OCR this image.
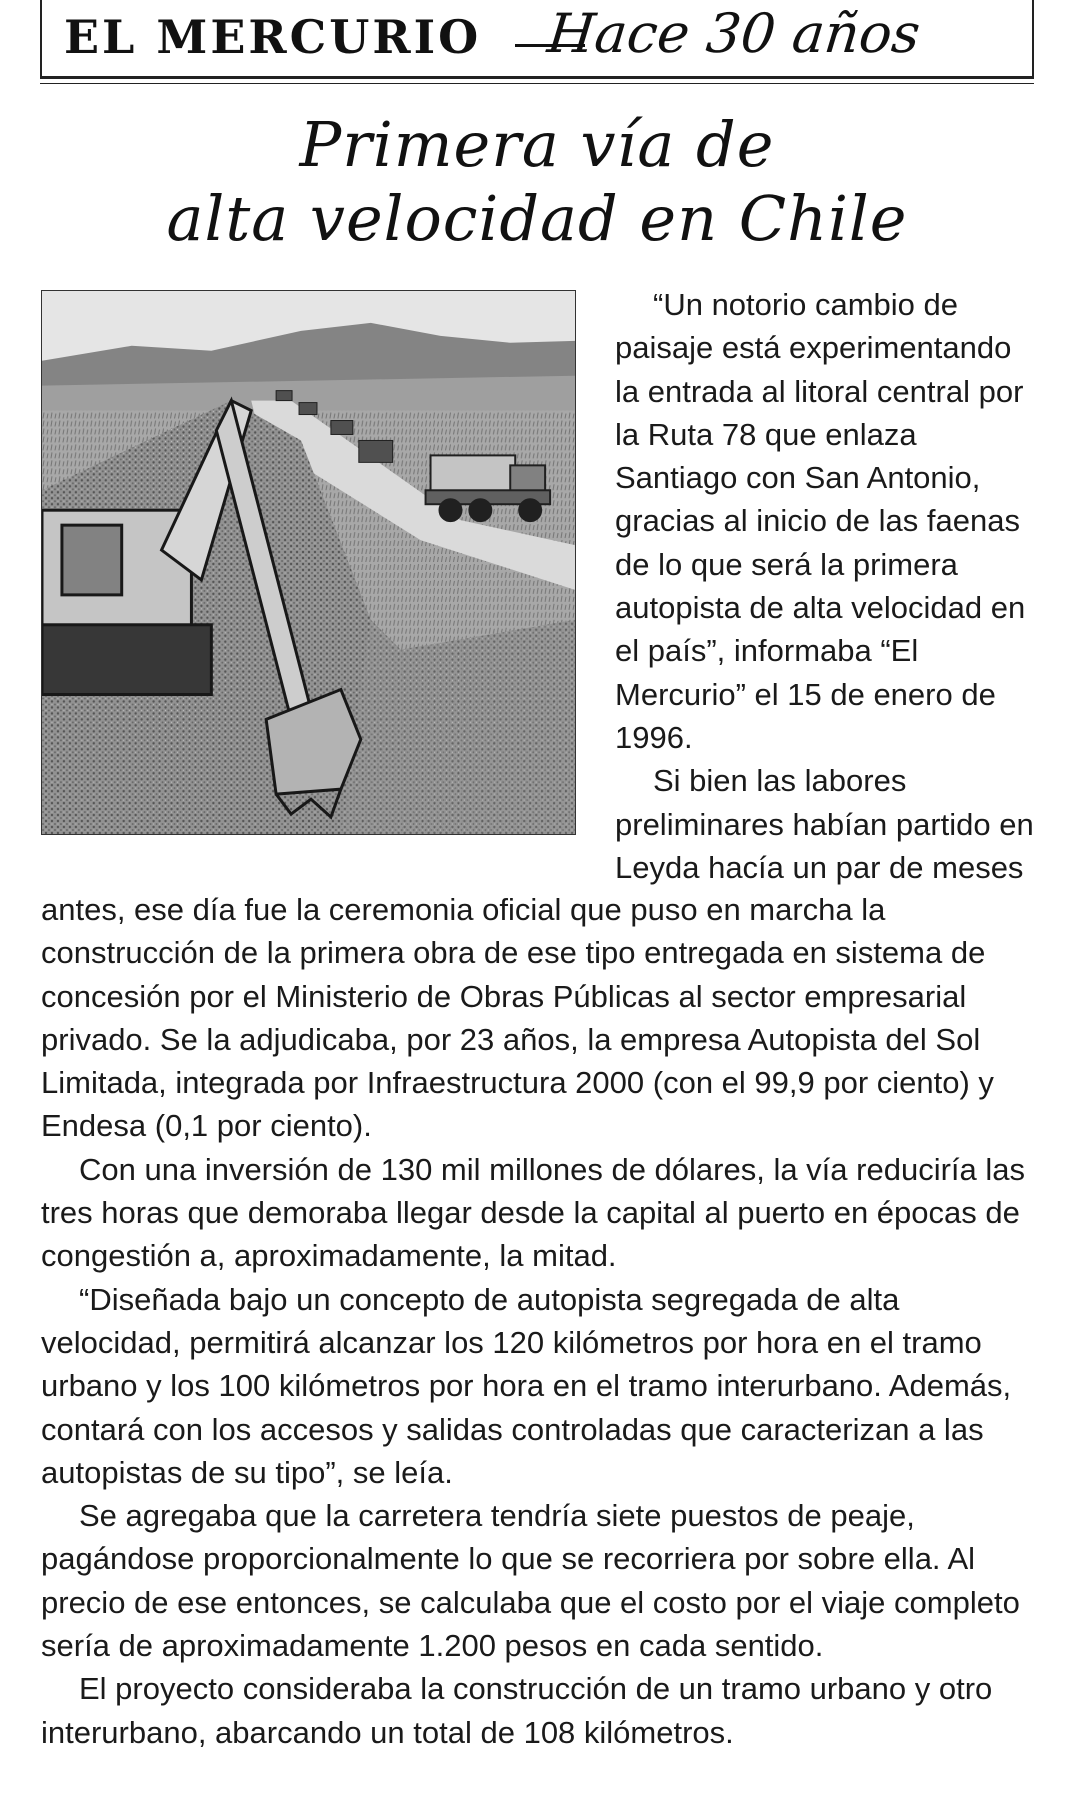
EL MERCURIO Hace 30 años
Primera vía de
alta velocidad en Chile
“Un notorio cambio de
paisaje está experimentando
la entrada al litoral central por
la Ruta 78 que enlaza
Santiago con San Antonio,
gracias al inicio de las faenas
de lo que será la primera
autopista de alta velocidad en
el país”, informaba “El
Mercurio” el 15 de enero de
1996.
Si bien las labores
preliminares habían partido en
Leyda hacía un par de meses
antes, ese día fue la ceremonia oficial que puso en marcha la
construcción de la primera obra de ese tipo entregada en sistema de
concesión por el Ministerio de Obras Públicas al sector empresarial
privado. Se la adjudicaba, por 23 años, la empresa Autopista del Sol
Limitada, integrada por Infraestructura 2000 (con el 99,9 por ciento) y
Endesa (0,1 por ciento).
Con una inversión de 130 mil millones de dólares, la vía reduciría las
tres horas que demoraba llegar desde la capital al puerto en épocas de
congestión a, aproximadamente, la mitad.
“Diseñada bajo un concepto de autopista segregada de alta
velocidad, permitirá alcanzar los 120 kilómetros por hora en el tramo
urbano y los 100 kilómetros por hora en el tramo interurbano. Además,
contará con los accesos y salidas controladas que caracterizan a las
autopistas de su tipo”, se leía.
Se agregaba que la carretera tendría siete puestos de peaje,
pagándose proporcionalmente lo que se recorriera por sobre ella. Al
precio de ese entonces, se calculaba que el costo por el viaje completo
sería de aproximadamente 1.200 pesos en cada sentido.
El proyecto consideraba la construcción de un tramo urbano y otro
interurbano, abarcando un total de 108 kilómetros.
